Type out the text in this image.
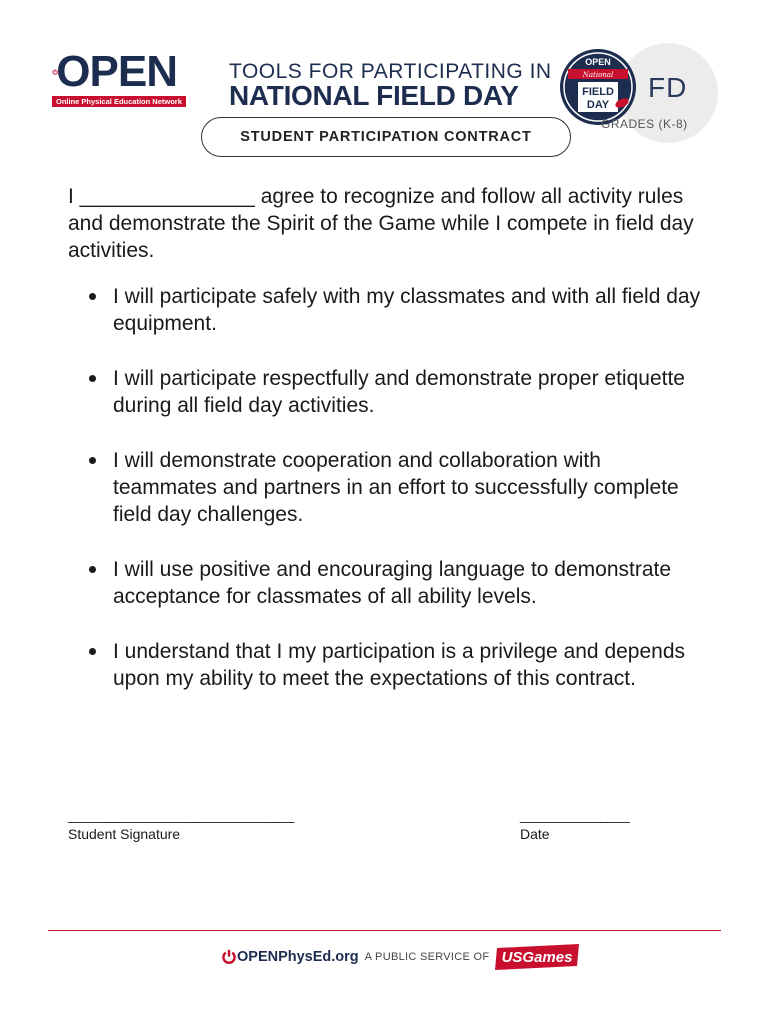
OPEN
Online Physical Education Network
TOOLS FOR PARTICIPATING IN
NATIONAL FIELD DAY	FD
OPEN
National
FIELD
DAY
GRADES (K-8)
STUDENT PARTICIPATION CONTRACT
I _______________ agree to recognize and follow all activity rules and demonstrate the Spirit of the Game while I compete in field day activities.
I will participate safely with my classmates and with all field day equipment.
I will participate respectfully and demonstrate proper etiquette during all field day activities.
I will demonstrate cooperation and collaboration with teammates and partners in an effort to successfully complete field day challenges.
I will use positive and encouraging language to demonstrate acceptance for classmates of all ability levels.
I understand that I my participation is a privilege and depends upon my ability to meet the expectations of this contract.
_______________________________
Student Signature
_______________
Date
OPENPhysEd.org A PUBLIC SERVICE OF USGames
